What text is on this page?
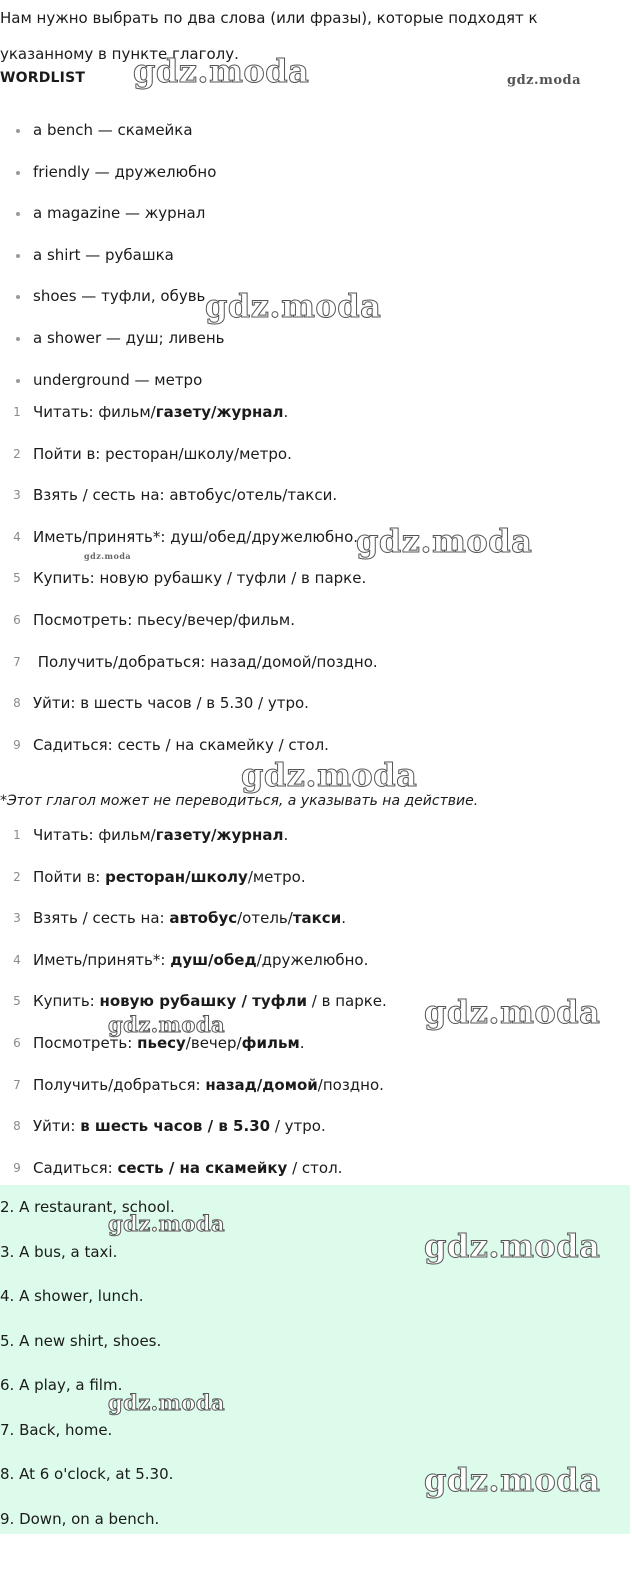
Нам нужно выбрать по два слова (или фразы), которые подходят к указанному в пункте глаголу.

WORDLIST
a bench — скамейка
friendly — дружелюбно
a magazine — журнал
a shirt — рубашка
shoes — туфли, обувь
a shower — душ; ливень
underground — метро
1 Читать: фильм/газету/журнал.
2 Пойти в: ресторан/школу/метро.
3 Взять / сесть на: автобус/отель/такси.
4 Иметь/принять*: душ/обед/дружелюбно.
5 Купить: новую рубашку / туфли / в парке.
6 Посмотреть: пьесу/вечер/фильм.
7 Получить/добраться: назад/домой/поздно.
8 Уйти: в шесть часов / в 5.30 / утро.
9 Садиться: сесть / на скамейку / стол.
*Этот глагол может не переводиться, а указывать на действие.
1 Читать: фильм/газету/журнал.
2 Пойти в: ресторан/школу/метро.
3 Взять / сесть на: автобус/отель/такси.
4 Иметь/принять*: душ/обед/дружелюбно.
5 Купить: новую рубашку / туфли / в парке.
6 Посмотреть: пьесу/вечер/фильм.
7 Получить/добраться: назад/домой/поздно.
8 Уйти: в шесть часов / в 5.30 / утро.
9 Садиться: сесть / на скамейку / стол.
2. A restaurant, school.
3. A bus, a taxi.
4. A shower, lunch.
5. A new shirt, shoes.
6. A play, a film.
7. Back, home.
8. At 6 o'clock, at 5.30.
9. Down, on a bench.
gdz.moda	gdz.moda
gdz.moda
gdz.moda
gdz.moda
gdz.moda
gdz.moda
gdz.moda
gdz.moda
gdz.moda
gdz.moda
gdz.moda
